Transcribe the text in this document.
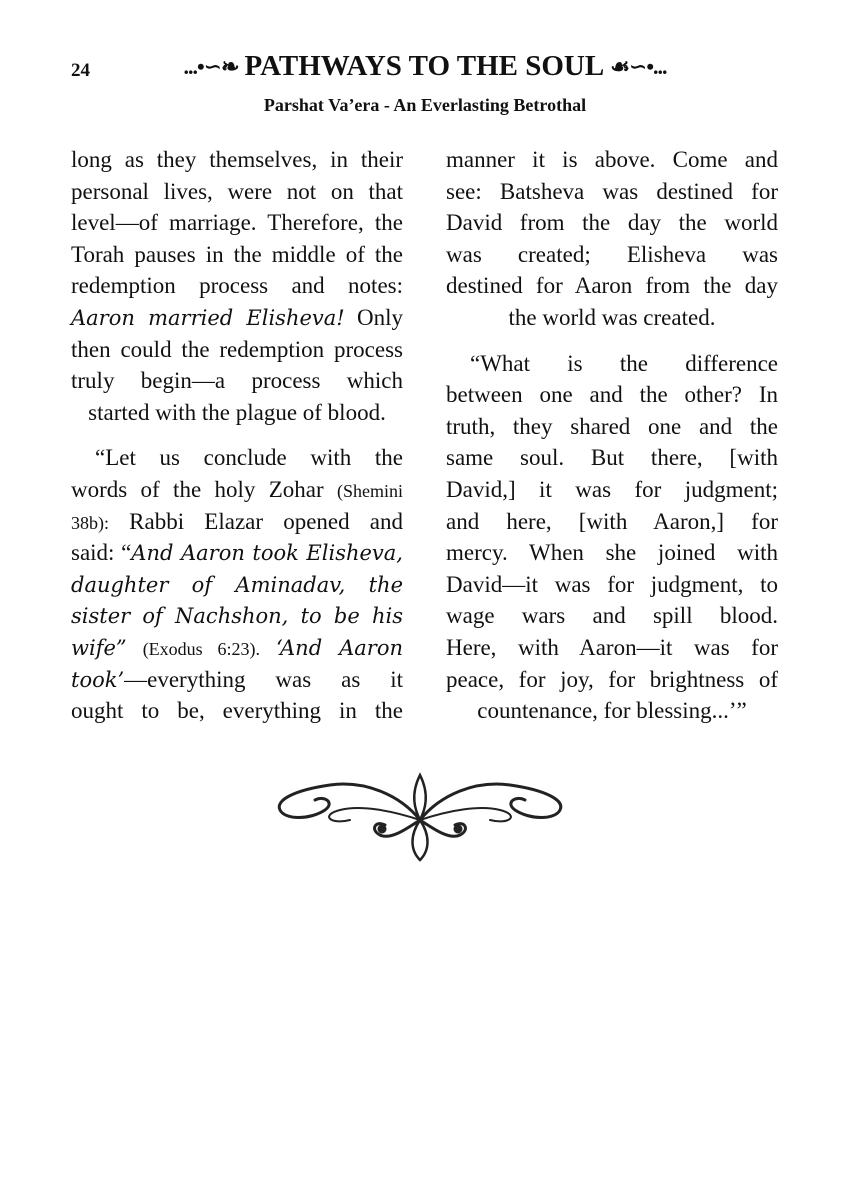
24	...•∽❧ PATHWAYS TO THE SOUL ☙∽•...
Parshat Va’era - An Everlasting Betrothal
long as they themselves, in their
personal lives, were not on that
level—of marriage. Therefore, the
Torah pauses in the middle of the
redemption process and notes:
Aaron married Elisheva! Only
then could the redemption process
truly begin—a process which
started with the plague of blood.
“Let us conclude with the
words of the holy Zohar (Shemini
38b): Rabbi Elazar opened and
said: “And Aaron took Elisheva,
daughter of Aminadav, the
sister of Nachshon, to be his
wife” (Exodus 6:23). ‘And Aaron
took’—everything was as it
ought to be, everything in the
manner it is above. Come and
see: Batsheva was destined for
David from the day the world
was created; Elisheva was
destined for Aaron from the day
the world was created.
“What is the difference
between one and the other? In
truth, they shared one and the
same soul. But there, [with
David,] it was for judgment;
and here, [with Aaron,] for
mercy. When she joined with
David—it was for judgment, to
wage wars and spill blood.
Here, with Aaron—it was for
peace, for joy, for brightness of
countenance, for blessing...’”
